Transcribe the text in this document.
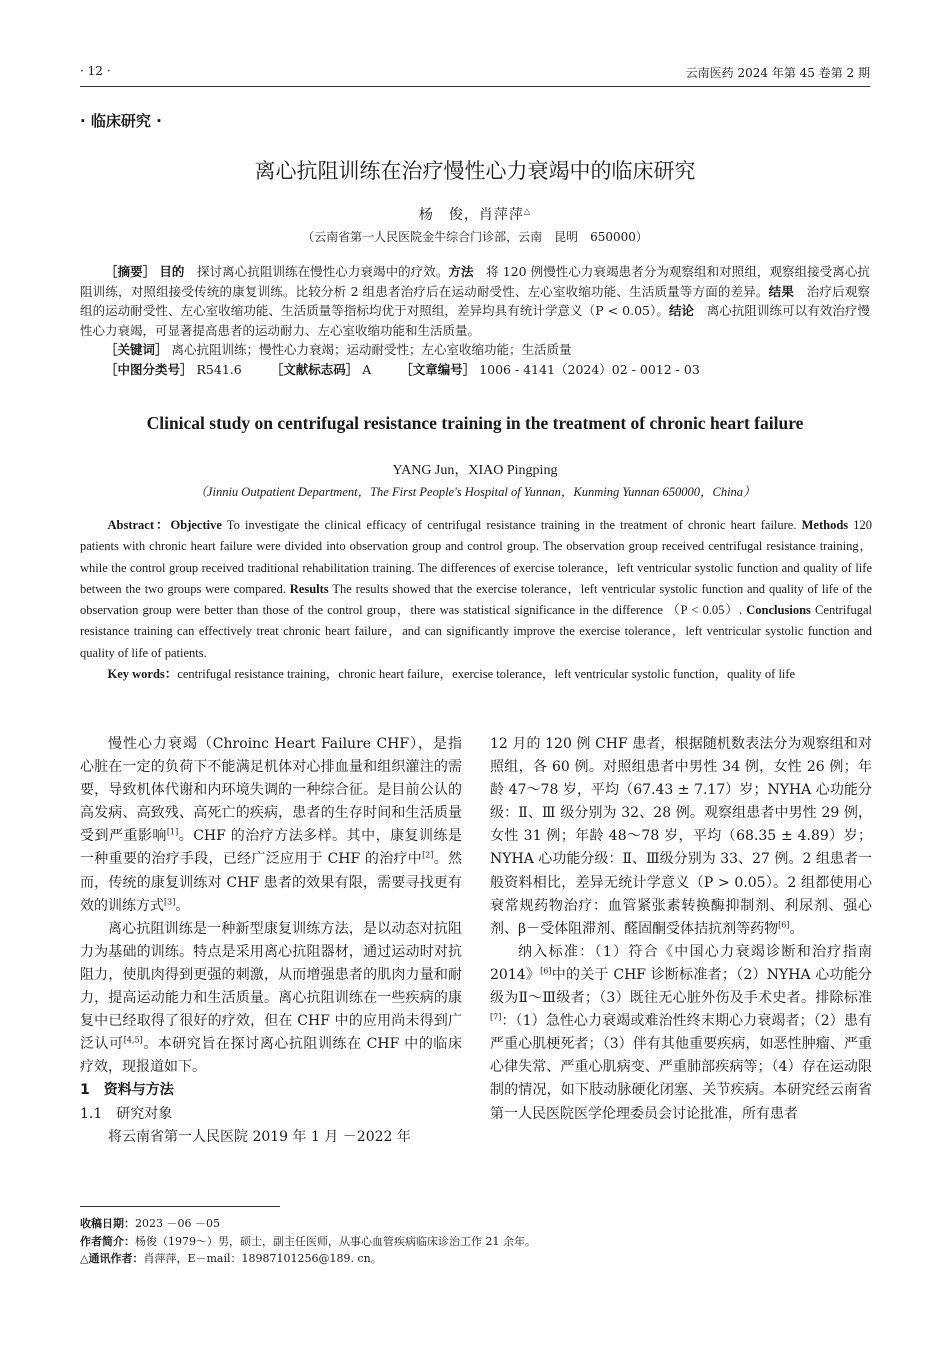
· 12 ·	云南医药 2024 年第 45 卷第 2 期
· 临床研究 ·
离心抗阻训练在治疗慢性心力衰竭中的临床研究
杨　俊，肖萍萍△
（云南省第一人民医院金牛综合门诊部，云南　昆明　650000）

［摘要］ 目的　 探讨离心抗阻训练在慢性心力衰竭中的疗效。方法　 将 120 例慢性心力衰竭患者分为观察组和对照组，观察组接受离心抗阻训练，对照组接受传统的康复训练。比较分析 2 组患者治疗后在运动耐受性、左心室收缩功能、生活质量等方面的差异。结果　 治疗后观察组的运动耐受性、左心室收缩功能、生活质量等指标均优于对照组，差异均具有统计学意义（P < 0.05）。结论　 离心抗阻训练可以有效治疗慢性心力衰竭，可显著提高患者的运动耐力、左心室收缩功能和生活质量。

［关键词］ 离心抗阻训练；慢性心力衰竭；运动耐受性；左心室收缩功能；生活质量

［中图分类号］ R541.6　　 ［文献标志码］ A　　 ［文章编号］ 1006 - 4141（2024）02 - 0012 - 03

Clinical study on centrifugal resistance training in the treatment of chronic heart failure
YANG Jun，XIAO Pingping
（Jinniu Outpatient Department，The First People's Hospital of Yunnan，Kunming Yunnan 650000，China）

Abstract：Objective To investigate the clinical efficacy of centrifugal resistance training in the treatment of chronic heart failure. Methods 120 patients with chronic heart failure were divided into observation group and control group. The observation group received centrifugal resistance training，while the control group received traditional rehabilitation training. The differences of exercise tolerance，left ventricular systolic function and quality of life between the two groups were compared. Results The results showed that the exercise tolerance，left ventricular systolic function and quality of life of the observation group were better than those of the control group，there was statistical significance in the difference （P < 0.05）. Conclusions Centrifugal resistance training can effectively treat chronic heart failure，and can significantly improve the exercise tolerance，left ventricular systolic function and quality of life of patients.

Key words：centrifugal resistance training，chronic heart failure，exercise tolerance，left ventricular systolic function，quality of life

慢性心力衰竭（Chroinc Heart Failure CHF），是指心脏在一定的负荷下不能满足机体对心排血量和组织灌注的需要，导致机体代谢和内环境失调的一种综合征。是目前公认的高发病、高致残、高死亡的疾病，患者的生存时间和生活质量受到严重影响[1]。CHF 的治疗方法多样。其中，康复训练是一种重要的治疗手段，已经广泛应用于 CHF 的治疗中[2]。然而，传统的康复训练对 CHF 患者的效果有限，需要寻找更有效的训练方式[3]。

离心抗阻训练是一种新型康复训练方法，是以动态对抗阻力为基础的训练。特点是采用离心抗阻器材，通过运动时对抗阻力，使肌肉得到更强的刺激，从而增强患者的肌肉力量和耐力，提高运动能力和生活质量。离心抗阻训练在一些疾病的康复中已经取得了很好的疗效，但在 CHF 中的应用尚未得到广泛认可[4,5]。本研究旨在探讨离心抗阻训练在 CHF 中的临床疗效，现报道如下。

1　资料与方法

1.1　研究对象

将云南省第一人民医院 2019 年 1 月 －2022 年

12 月的 120 例 CHF 患者，根据随机数表法分为观察组和对照组，各 60 例。对照组患者中男性 34 例，女性 26 例；年龄 47～78 岁，平均（67.43 ± 7.17）岁；NYHA 心功能分级：Ⅱ、Ⅲ 级分别为 32、28 例。观察组患者中男性 29 例，女性 31 例；年龄 48～78 岁，平均（68.35 ± 4.89）岁；NYHA 心功能分级：Ⅱ、Ⅲ级分别为 33、27 例。2 组患者一般资料相比，差异无统计学意义（P > 0.05）。2 组都使用心衰常规药物治疗：血管紧张素转换酶抑制剂、利尿剂、强心剂、β－受体阻滞剂、醛固酮受体拮抗剂等药物[6]。

纳入标准：（1）符合《中国心力衰竭诊断和治疗指南 2014》[6]中的关于 CHF 诊断标准者；（2）NYHA 心功能分级为Ⅱ～Ⅲ级者；（3）既往无心脏外伤及手术史者。排除标准[7]：（1）急性心力衰竭或难治性终末期心力衰竭者；（2）患有严重心肌梗死者；（3）伴有其他重要疾病，如恶性肿瘤、严重心律失常、严重心肌病变、严重肺部疾病等；（4）存在运动限制的情况，如下肢动脉硬化闭塞、关节疾病。本研究经云南省第一人民医院医学伦理委员会讨论批准，所有患者

收稿日期：2023 －06 －05

作者简介：杨俊（1979～）男，硕士，副主任医师，从事心血管疾病临床诊治工作 21 余年。

△通讯作者：肖萍萍，E－mail：18987101256@189. cn。
